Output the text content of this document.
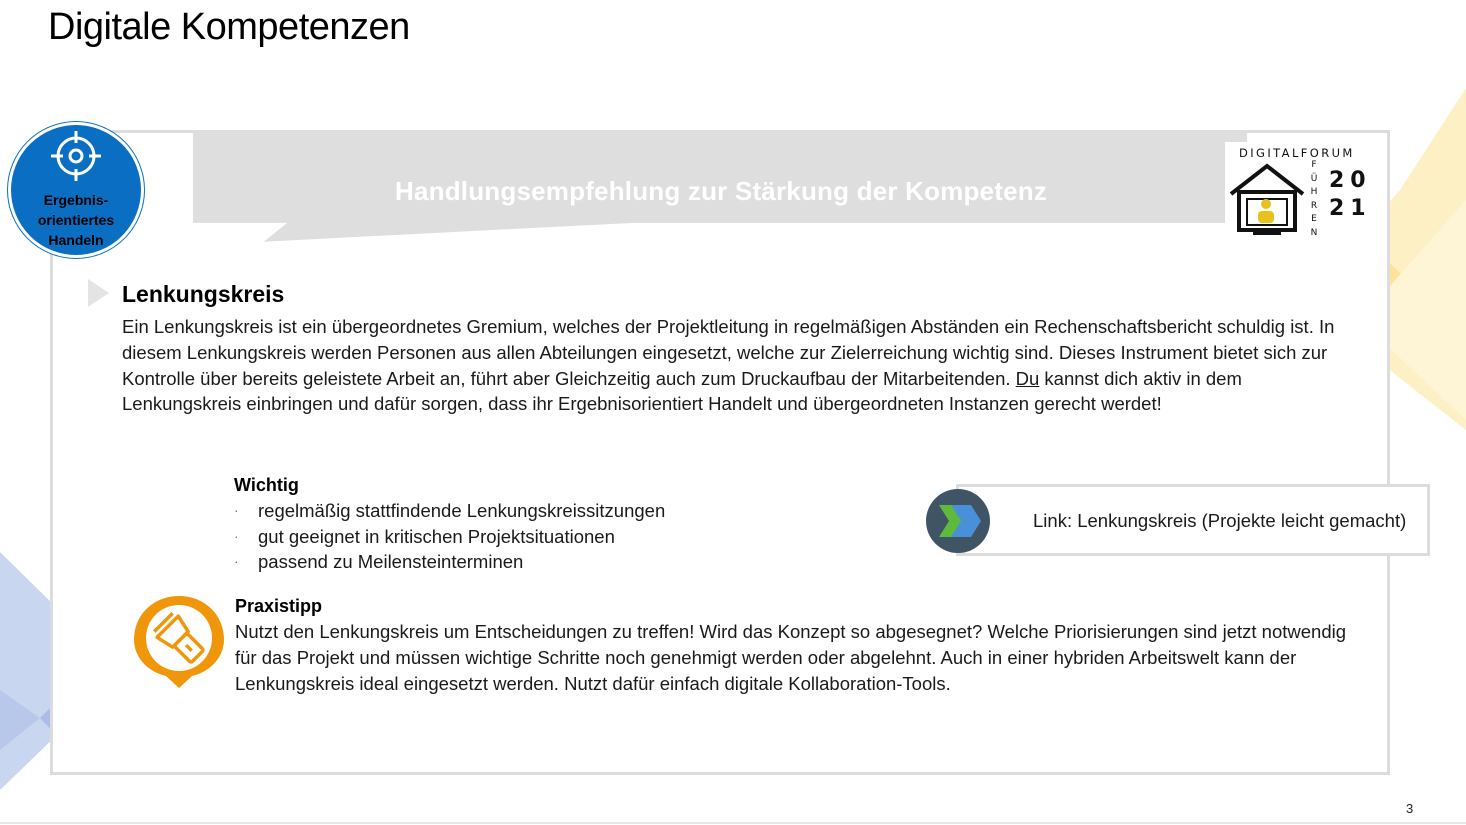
Handlungsempfehlung zur Stärkung der Kompetenz
Ergebnis-
orientiertes
Handeln
DIGITALFORUM
F
Ü
H
R
E
N
20
21
Lenkungskreis
Ein Lenkungskreis ist ein übergeordnetes Gremium, welches der Projektleitung in regelmäßigen Abständen ein Rechenschaftsbericht schuldig ist. In diesem Lenkungskreis werden Personen aus allen Abteilungen eingesetzt, welche zur Zielerreichung wichtig sind. Dieses Instrument bietet sich zur Kontrolle über bereits geleistete Arbeit an, führt aber Gleichzeitig auch zum Druckaufbau der Mitarbeitenden. Du kannst dich aktiv in dem Lenkungskreis einbringen und dafür sorgen, dass ihr Ergebnisorientiert Handelt und übergeordneten Instanzen gerecht werdet!
Wichtig
· regelmäßig stattfindende Lenkungskreissitzungen
· gut geeignet in kritischen Projektsituationen
· passend zu Meilensteinterminen
Link: Lenkungskreis (Projekte leicht gemacht)
Praxistipp
Nutzt den Lenkungskreis um Entscheidungen zu treffen! Wird das Konzept so abgesegnet? Welche Priorisierungen sind jetzt notwendig für das Projekt und müssen wichtige Schritte noch genehmigt werden oder abgelehnt. Auch in einer hybriden Arbeitswelt kann der Lenkungskreis ideal eingesetzt werden. Nutzt dafür einfach digitale Kollaboration-Tools.
3
Digitale Kompetenzen
